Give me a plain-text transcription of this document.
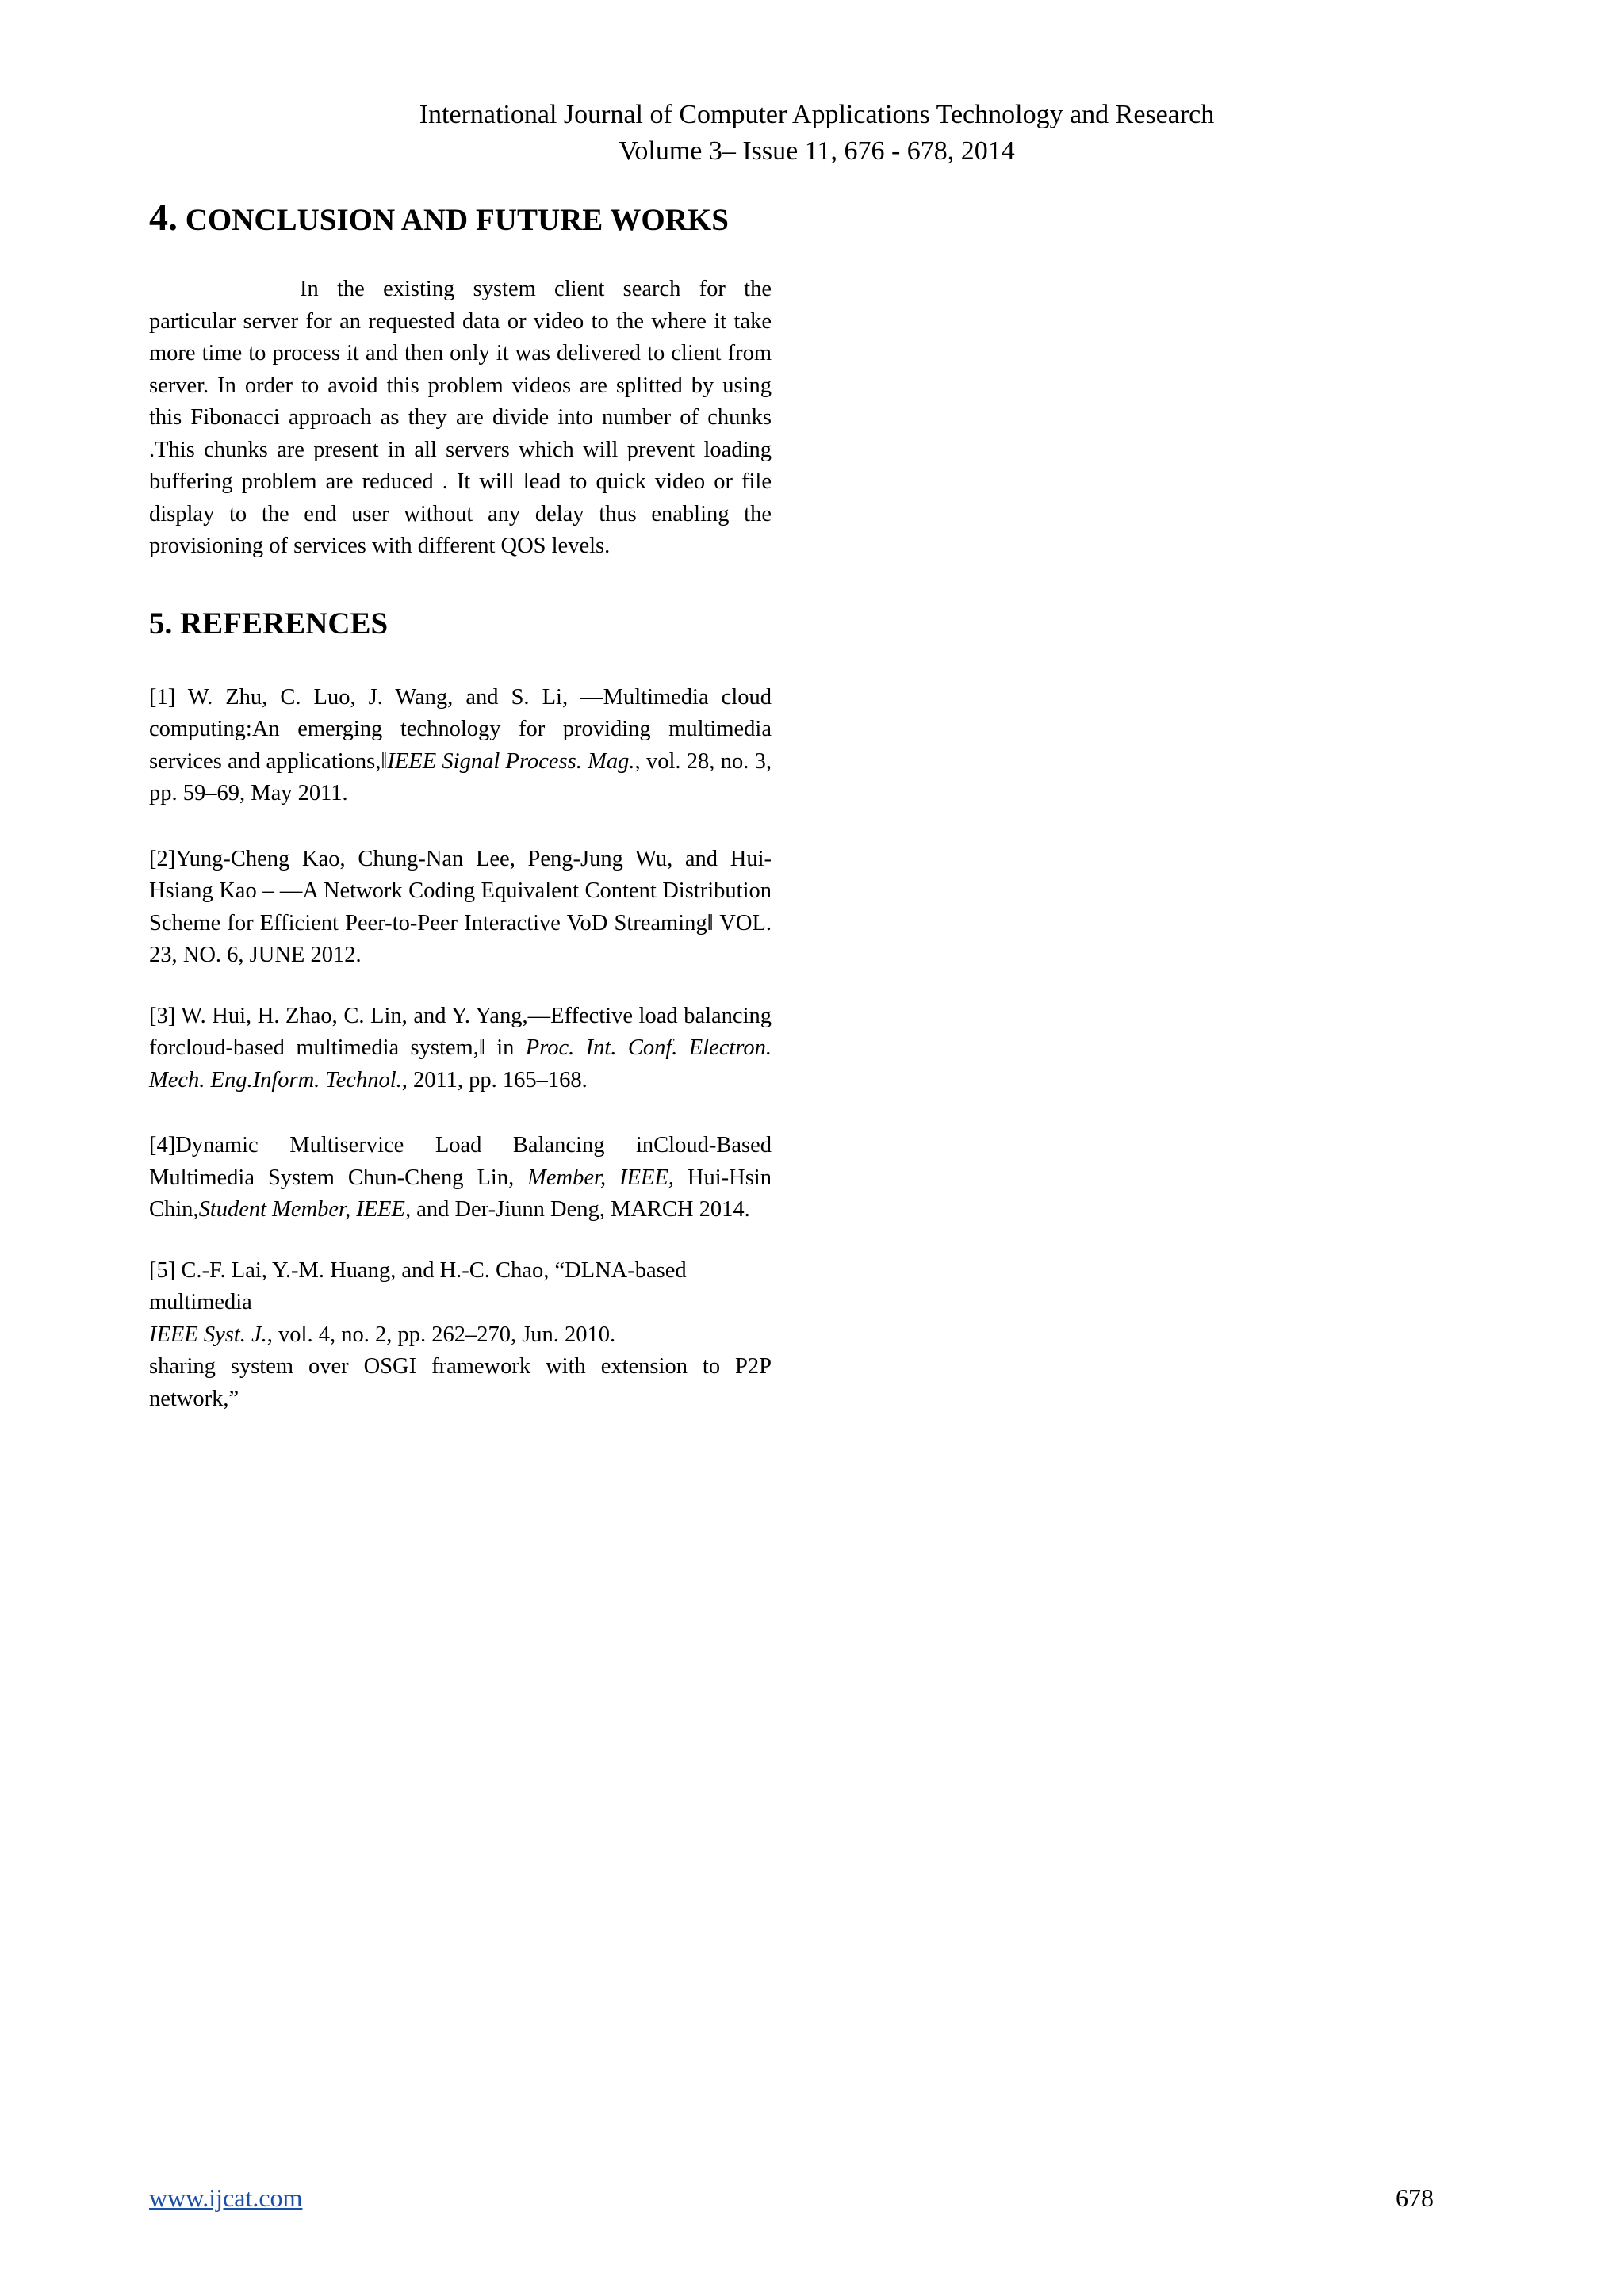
International Journal of Computer Applications Technology and Research
Volume 3– Issue 11, 676 - 678, 2014
4. CONCLUSION AND FUTURE WORKS

In the existing system client search for the particular server for an requested data or video to the where it take more time to process it and then only it was delivered to client from server. In order to avoid this problem videos are splitted by using this Fibonacci approach as they are divide into number of chunks .This chunks are present in all servers which will prevent loading buffering problem are reduced . It will lead to quick video or file display to the end user without any delay thus enabling the provisioning of services with different QOS levels.

5. REFERENCES

[1] W. Zhu, C. Luo, J. Wang, and S. Li, ―Multimedia cloud computing:An emerging technology for providing multimedia services and applications,‖IEEE Signal Process. Mag., vol. 28, no. 3, pp. 59–69, May 2011.

[2]Yung-Cheng Kao, Chung-Nan Lee, Peng-Jung Wu, and Hui- Hsiang Kao – ―A Network Coding Equivalent Content Distribution Scheme for Efficient Peer-to-Peer Interactive VoD Streaming‖ VOL. 23, NO. 6, JUNE 2012.

[3] W. Hui, H. Zhao, C. Lin, and Y. Yang,―Effective load balancing forcloud-based multimedia system,‖ in Proc. Int. Conf. Electron. Mech. Eng.Inform. Technol., 2011, pp. 165–168.

[4]Dynamic Multiservice Load Balancing inCloud-Based Multimedia System Chun-Cheng Lin, Member, IEEE, Hui-Hsin Chin,Student Member, IEEE, and Der-Jiunn Deng, MARCH 2014.

[5] C.-F. Lai, Y.-M. Huang, and H.-C. Chao, “DLNA-based
multimedia
IEEE Syst. J., vol. 4, no. 2, pp. 262–270, Jun. 2010.
sharing system over OSGI framework with extension to P2P
network,”
www.ijcat.com	678
